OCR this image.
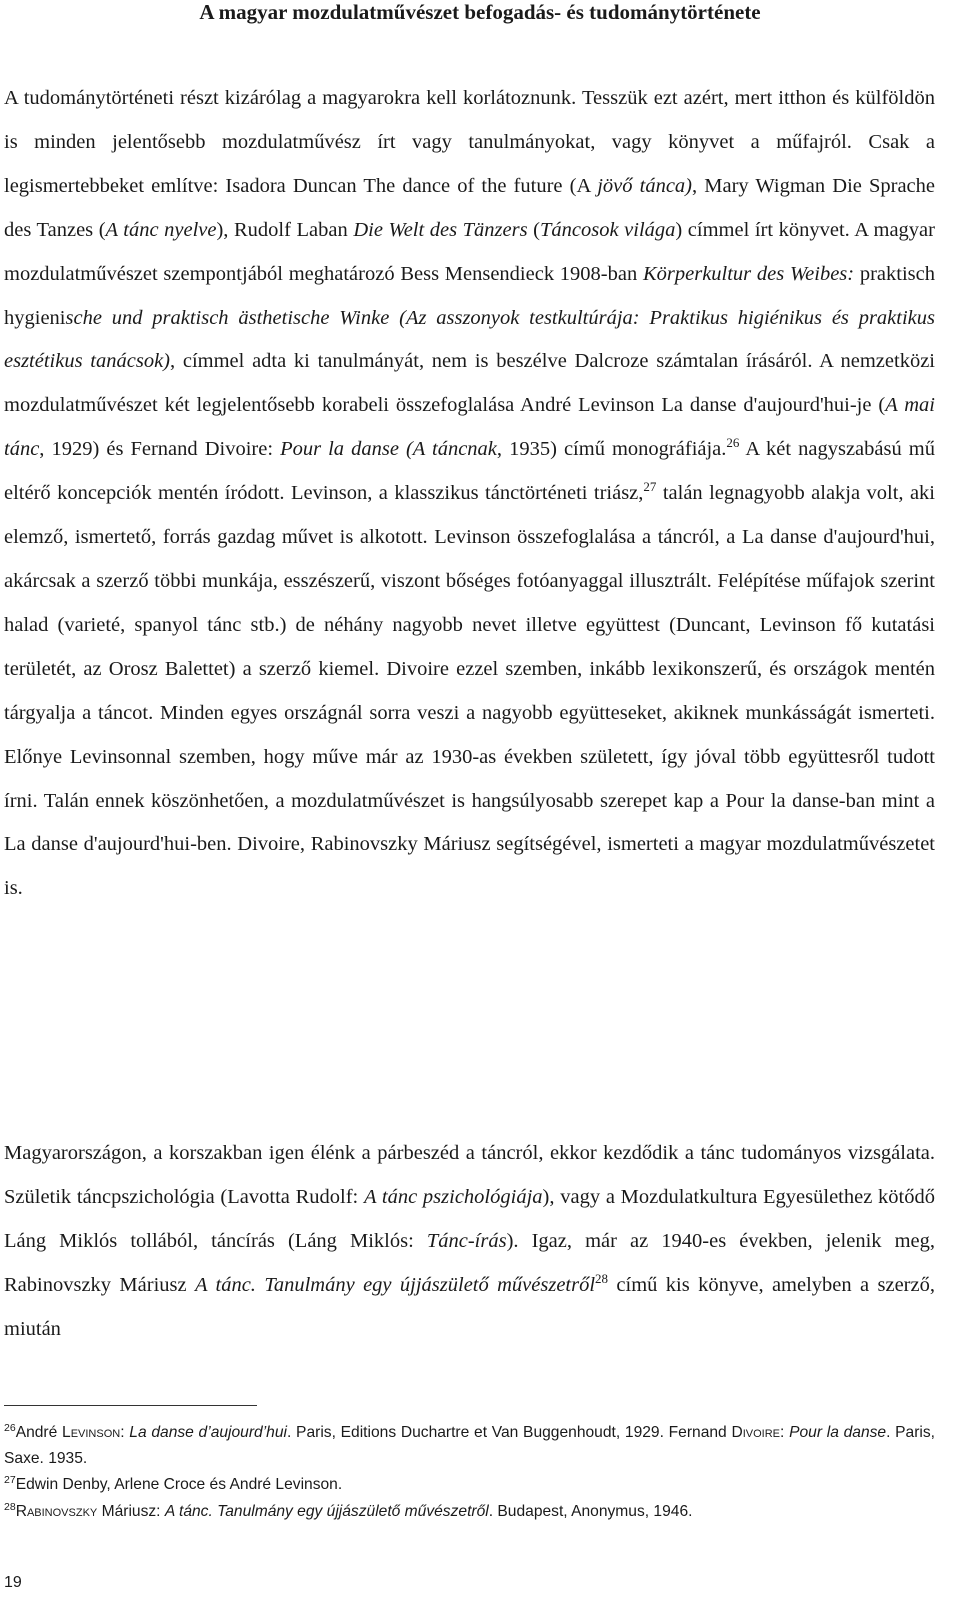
A magyar mozdulatművészet befogadás- és tudománytörténete

A tudománytörténeti részt kizárólag a magyarokra kell korlátoznunk. Tesszük ezt azért, mert itthon és külföldön is minden jelentősebb mozdulatművész írt vagy tanulmányokat, vagy könyvet a műfajról. Csak a legismertebbeket említve: Isadora Duncan The dance of the future (A jövő tánca), Mary Wigman Die Sprache des Tanzes (A tánc nyelve), Rudolf Laban Die Welt des Tänzers (Táncosok világa) címmel írt könyvet. A magyar mozdulatművészet szempontjából meghatározó Bess Mensendieck 1908-ban Körperkultur des Weibes: praktisch hygienische und praktisch ästhetische Winke (Az asszonyok testkultúrája: Praktikus higiénikus és praktikus esztétikus tanácsok), címmel adta ki tanulmányát, nem is beszélve Dalcroze számtalan írásáról. A nemzetközi mozdulatművészet két legjelentősebb korabeli összefoglalása André Levinson La danse d'aujourd'hui-je (A mai tánc, 1929) és Fernand Divoire: Pour la danse (A táncnak, 1935) című monográfiája.$^{26}$ A két nagyszabású mű eltérő koncepciók mentén íródott. Levinson, a klasszikus tánctörténeti triász,$^{27}$ talán legnagyobb alakja volt, aki elemző, ismertető, forrás gazdag művet is alkotott. Levinson összefoglalása a táncról, a La danse d'aujourd'hui, akárcsak a szerző többi munkája, esszészerű, viszont bőséges fotóanyaggal illusztrált. Felépítése műfajok szerint halad (varieté, spanyol tánc stb.) de néhány nagyobb nevet illetve együttest (Duncant, Levinson fő kutatási területét, az Orosz Balettet) a szerző kiemel. Divoire ezzel szemben, inkább lexikonszerű, és országok mentén tárgyalja a táncot. Minden egyes országnál sorra veszi a nagyobb együtteseket, akiknek munkásságát ismerteti. Előnye Levinsonnal szemben, hogy műve már az 1930-as években született, így jóval több együttesről tudott írni. Talán ennek köszönhetően, a mozdulatművészet is hangsúlyosabb szerepet kap a Pour la danse-ban mint a La danse d'aujourd'hui-ben. Divoire, Rabinovszky Máriusz segítségével, ismerteti a magyar mozdulatművészetet is.

Magyarországon, a korszakban igen élénk a párbeszéd a táncról, ekkor kezdődik a tánc tudományos vizsgálata. Születik táncpszichológia (Lavotta Rudolf: A tánc pszichológiája), vagy a Mozdulatkultura Egyesülethez kötődő Láng Miklós tollából, táncírás (Láng Miklós: Tánc-írás). Igaz, már az 1940-es években, jelenik meg, Rabinovszky Máriusz A tánc. Tanulmány egy újjászülető művészetről$^{28}$ című kis könyve, amelyben a szerző, miután

$^{26}$André Levinson: La danse d’aujourd’hui. Paris, Editions Duchartre et Van Buggenhoudt, 1929. Fernand Divoire: Pour la danse. Paris, Saxe. 1935.

$^{27}$Edwin Denby, Arlene Croce és André Levinson.

$^{28}$Rabinovszky Máriusz: A tánc. Tanulmány egy újjászülető művészetről. Budapest, Anonymus, 1946.

19
